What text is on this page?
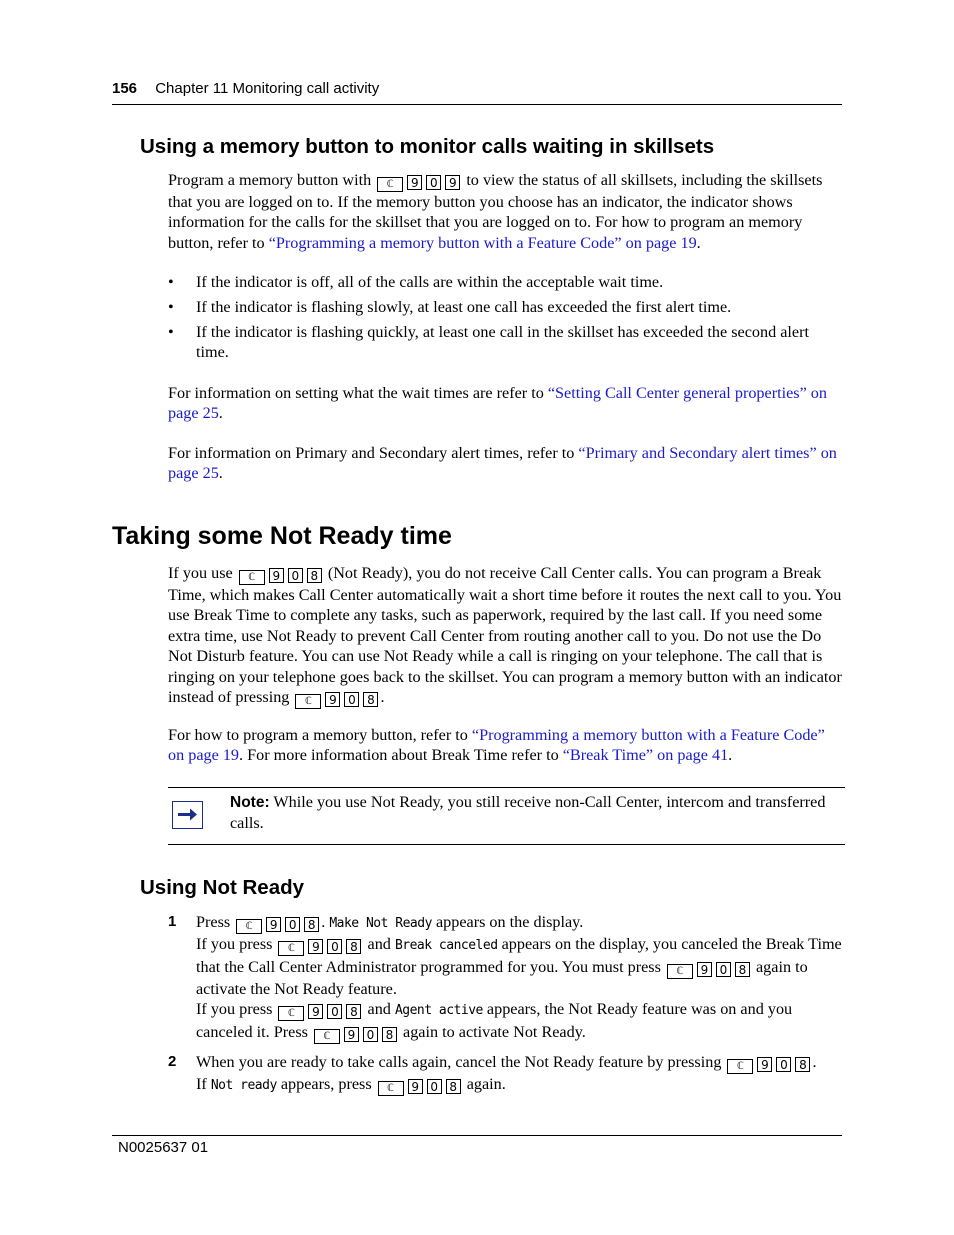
156 Chapter 11 Monitoring call activity
Using a memory button to monitor calls waiting in skillsets

Program a memory button with ℂ 9 0 9 to view the status of all skillsets, including the skillsets that you are logged on to. If the memory button you choose has an indicator, the indicator shows information for the calls for the skillset that you are logged on to. For how to program an memory button, refer to “Programming a memory button with a Feature Code” on page 19.

• If the indicator is off, all of the calls are within the acceptable wait time.
• If the indicator is flashing slowly, at least one call has exceeded the first alert time.
• If the indicator is flashing quickly, at least one call in the skillset has exceeded the second alert time.

For information on setting what the wait times are refer to “Setting Call Center general properties” on page 25.

For information on Primary and Secondary alert times, refer to “Primary and Secondary alert times” on page 25.

Taking some Not Ready time

If you use ℂ 9 0 8 (Not Ready), you do not receive Call Center calls. You can program a Break Time, which makes Call Center automatically wait a short time before it routes the next call to you. You use Break Time to complete any tasks, such as paperwork, required by the last call. If you need some extra time, use Not Ready to prevent Call Center from routing another call to you. Do not use the Do Not Disturb feature. You can use Not Ready while a call is ringing on your telephone. The call that is ringing on your telephone goes back to the skillset. You can program a memory button with an indicator instead of pressing ℂ 9 0 8 .

For how to program a memory button, refer to “Programming a memory button with a Feature Code” on page 19. For more information about Break Time refer to “Break Time” on page 41.

Note: While you use Not Ready, you still receive non-Call Center, intercom and transferred calls.
Using Not Ready
1 Press ℂ 9 0 8 . Make Not Ready appears on the display.
If you press ℂ 9 0 8 and Break canceled appears on the display, you canceled the Break Time that the Call Center Administrator programmed for you. You must press ℂ 9 0 8 again to activate the Not Ready feature.
If you press ℂ 9 0 8 and Agent active appears, the Not Ready feature was on and you canceled it. Press ℂ 9 0 8 again to activate Not Ready.
2 When you are ready to take calls again, cancel the Not Ready feature by pressing ℂ 9 0 8 .
If Not ready appears, press ℂ 9 0 8 again.
N0025637 01
